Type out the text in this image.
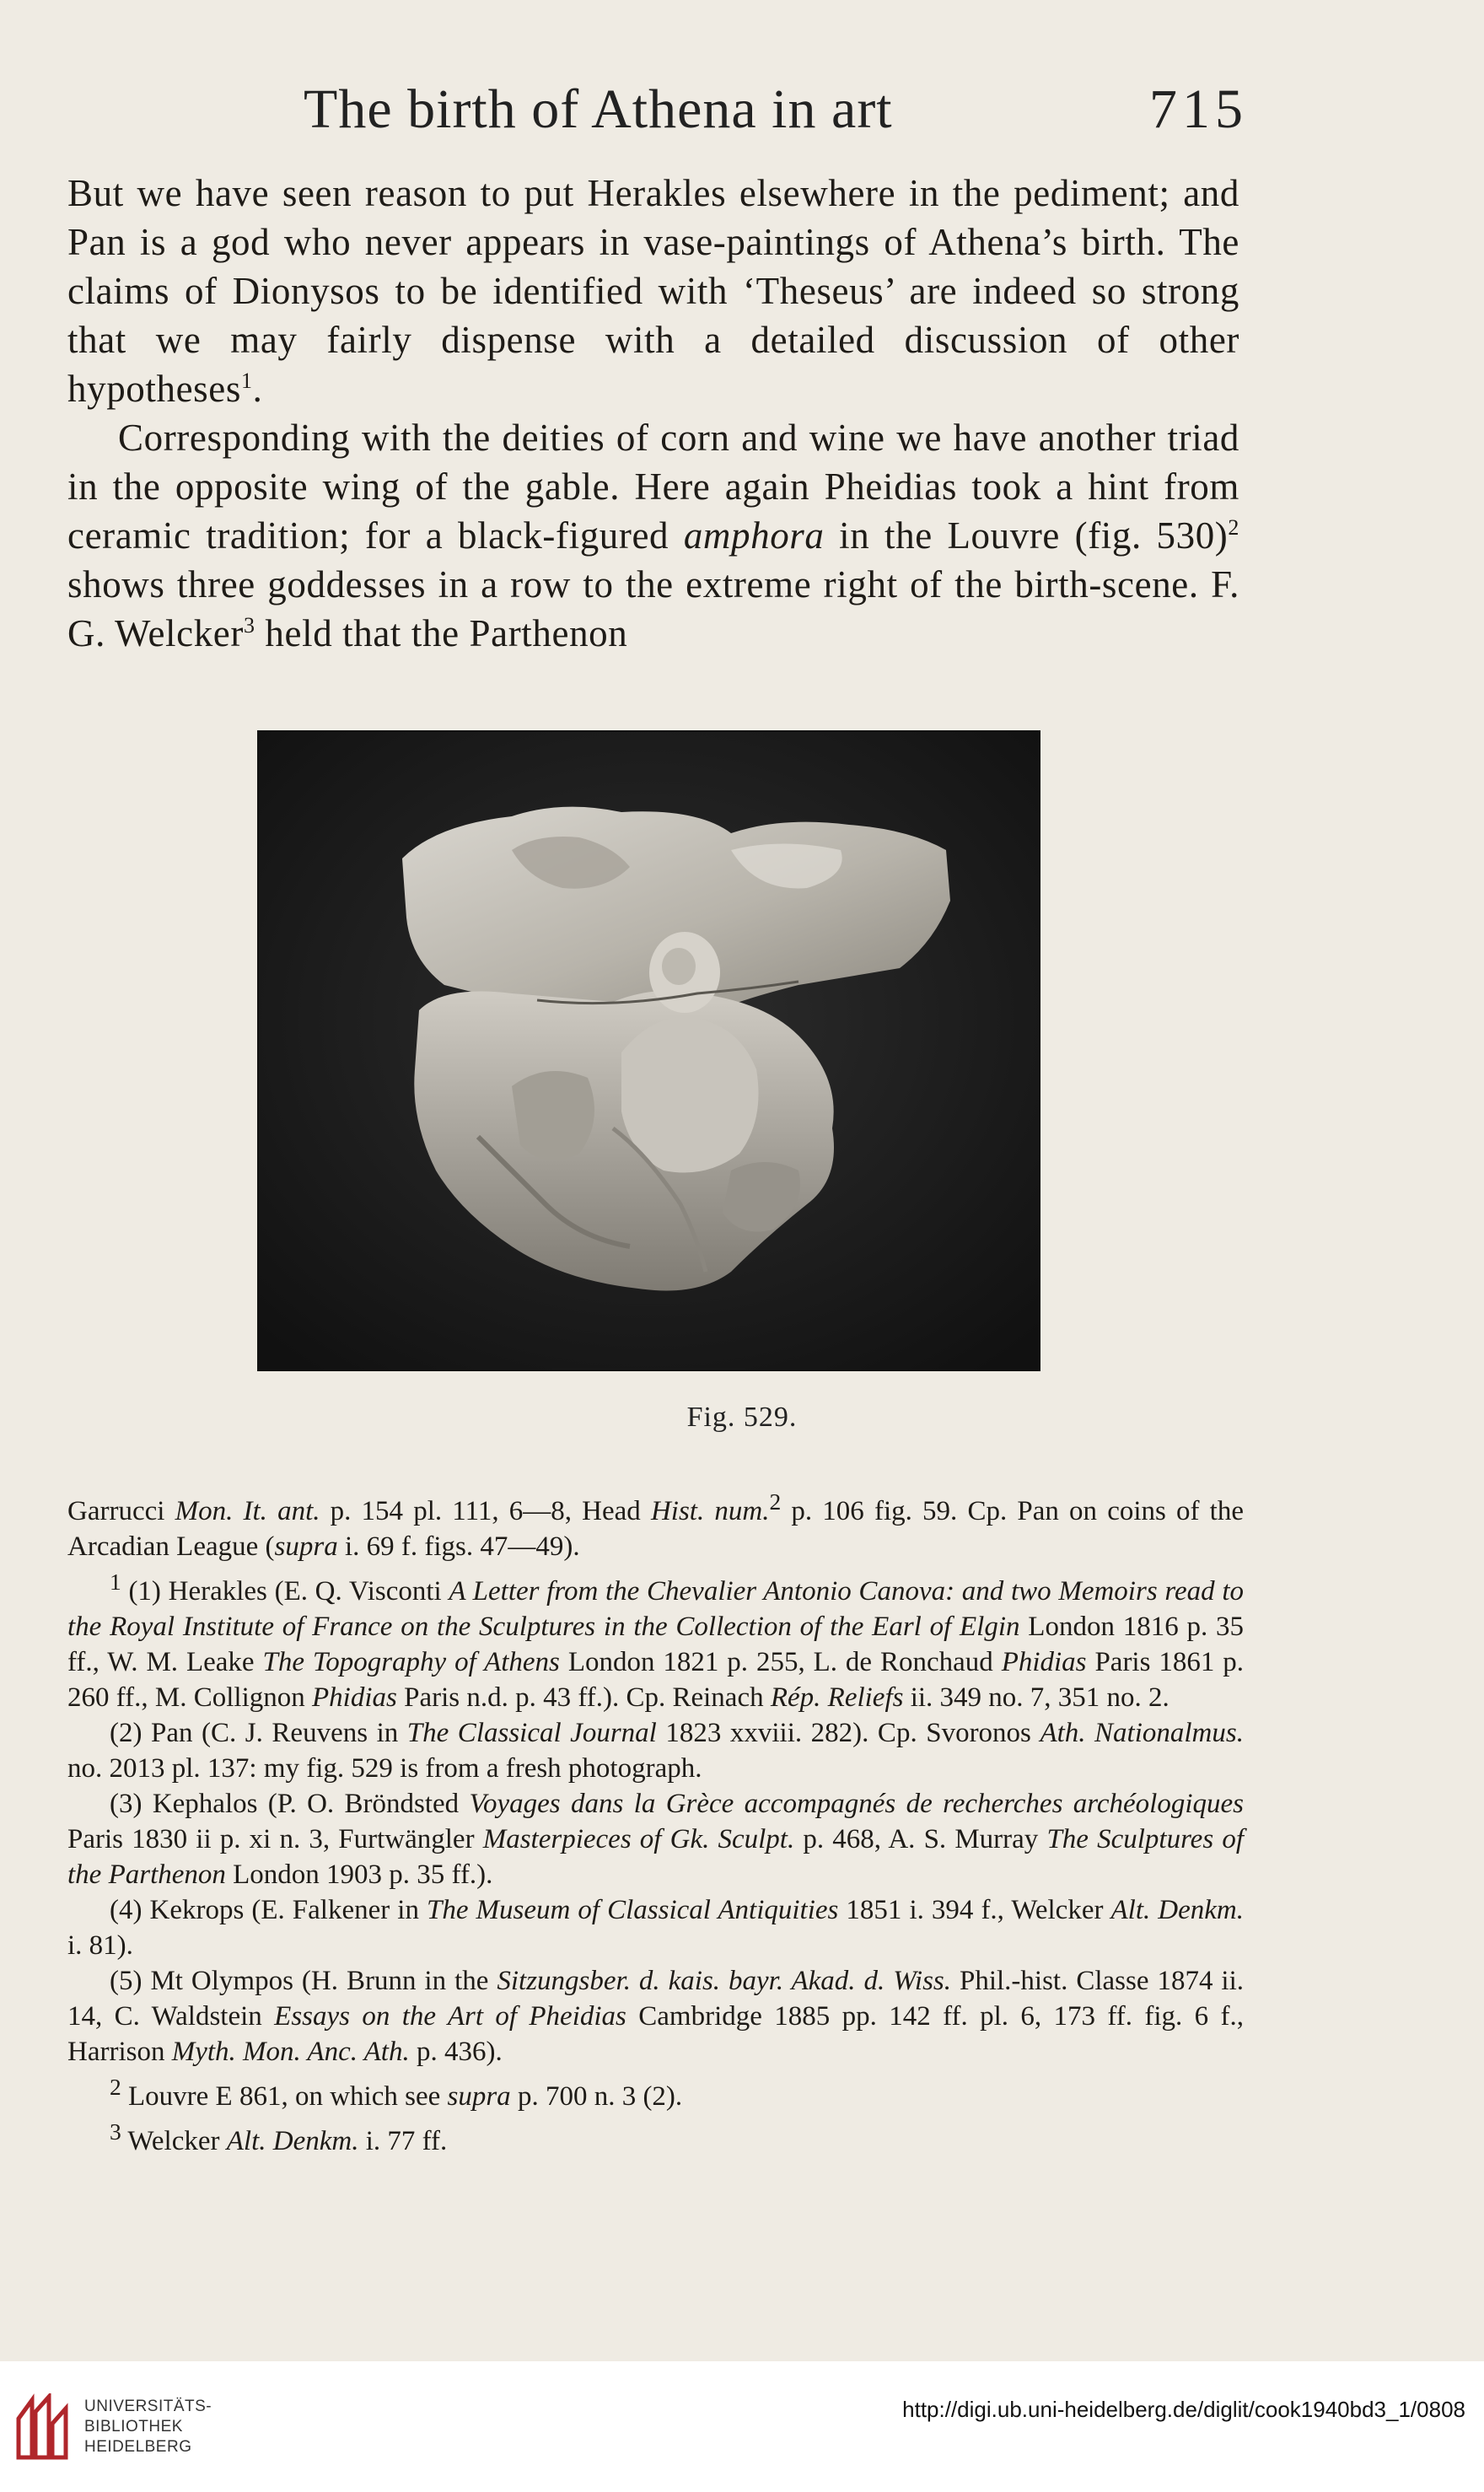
The birth of Athena in art	715

But we have seen reason to put Herakles elsewhere in the pediment; and Pan is a god who never appears in vase-paintings of Athena’s birth. The claims of Dionysos to be identified with ‘Theseus’ are indeed so strong that we may fairly dispense with a detailed discussion of other hypotheses$^1$.

Corresponding with the deities of corn and wine we have another triad in the opposite wing of the gable. Here again Pheidias took a hint from ceramic tradition; for a black-figured amphora in the Louvre (fig. 530)$^2$ shows three goddesses in a row to the extreme right of the birth-scene. F. G. Welcker$^3$ held that the Parthenon

Fig. 529.

Garrucci Mon. It. ant. p. 154 pl. 111, 6—8, Head Hist. num.$^2$ p. 106 fig. 59. Cp. Pan on coins of the Arcadian League (supra i. 69 f. figs. 47—49).

$^1$ (1) Herakles (E. Q. Visconti A Letter from the Chevalier Antonio Canova: and two Memoirs read to the Royal Institute of France on the Sculptures in the Collection of the Earl of Elgin London 1816 p. 35 ff., W. M. Leake The Topography of Athens London 1821 p. 255, L. de Ronchaud Phidias Paris 1861 p. 260 ff., M. Collignon Phidias Paris n.d. p. 43 ff.). Cp. Reinach Rép. Reliefs ii. 349 no. 7, 351 no. 2.

(2) Pan (C. J. Reuvens in The Classical Journal 1823 xxviii. 282). Cp. Svoronos Ath. Nationalmus. no. 2013 pl. 137: my fig. 529 is from a fresh photograph.

(3) Kephalos (P. O. Bröndsted Voyages dans la Grèce accompagnés de recherches archéologiques Paris 1830 ii p. xi n. 3, Furtwängler Masterpieces of Gk. Sculpt. p. 468, A. S. Murray The Sculptures of the Parthenon London 1903 p. 35 ff.).

(4) Kekrops (E. Falkener in The Museum of Classical Antiquities 1851 i. 394 f., Welcker Alt. Denkm. i. 81).

(5) Mt Olympos (H. Brunn in the Sitzungsber. d. kais. bayr. Akad. d. Wiss. Phil.-hist. Classe 1874 ii. 14, C. Waldstein Essays on the Art of Pheidias Cambridge 1885 pp. 142 ff. pl. 6, 173 ff. fig. 6 f., Harrison Myth. Mon. Anc. Ath. p. 436).

$^2$ Louvre E 861, on which see supra p. 700 n. 3 (2).

$^3$ Welcker Alt. Denkm. i. 77 ff.

UNIVERSITÄTS-
BIBLIOTHEK
HEIDELBERG
http://digi.ub.uni-heidelberg.de/diglit/cook1940bd3_1/0808
